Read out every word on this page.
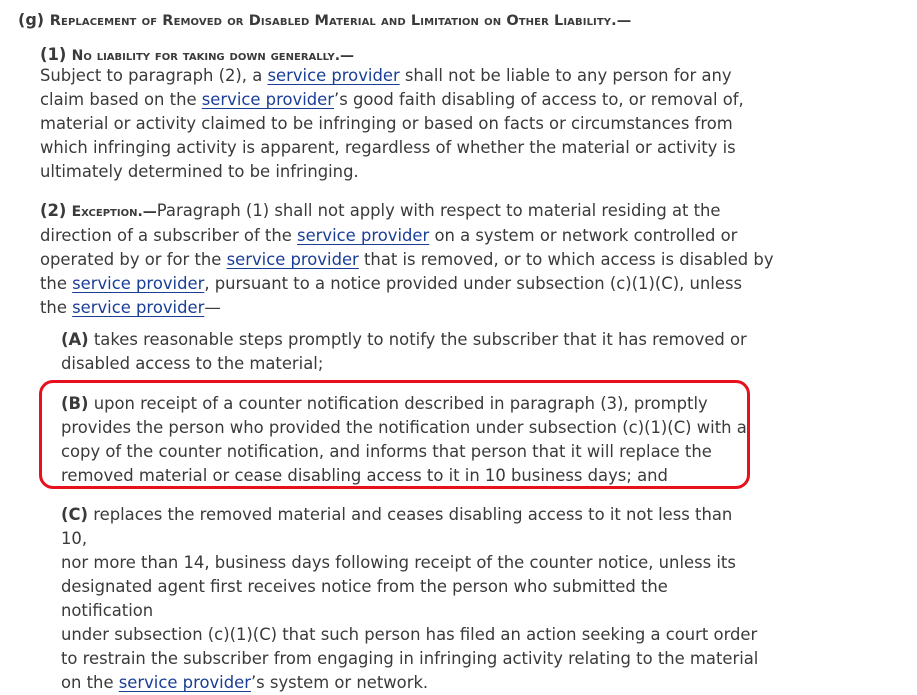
(g) Replacement of Removed or Disabled Material and Limitation on Other Liability.—
(1) No liability for taking down generally.—

Subject to paragraph (2), a service provider shall not be liable to any person for any

claim based on the service provider’s good faith disabling of access to, or removal of,

material or activity claimed to be infringing or based on facts or circumstances from

which infringing activity is apparent, regardless of whether the material or activity is

ultimately determined to be infringing.

(2) Exception.—Paragraph (1) shall not apply with respect to material residing at the

direction of a subscriber of the service provider on a system or network controlled or

operated by or for the service provider that is removed, or to which access is disabled by

the service provider, pursuant to a notice provided under subsection (c)(1)(C), unless

the service provider—

(A) takes reasonable steps promptly to notify the subscriber that it has removed or

disabled access to the material;

(B) upon receipt of a counter notification described in paragraph (3), promptly

provides the person who provided the notification under subsection (c)(1)(C) with a

copy of the counter notification, and informs that person that it will replace the

removed material or cease disabling access to it in 10 business days; and

(C) replaces the removed material and ceases disabling access to it not less than 10,

nor more than 14, business days following receipt of the counter notice, unless its

designated agent first receives notice from the person who submitted the notification

under subsection (c)(1)(C) that such person has filed an action seeking a court order

to restrain the subscriber from engaging in infringing activity relating to the material

on the service provider’s system or network.
